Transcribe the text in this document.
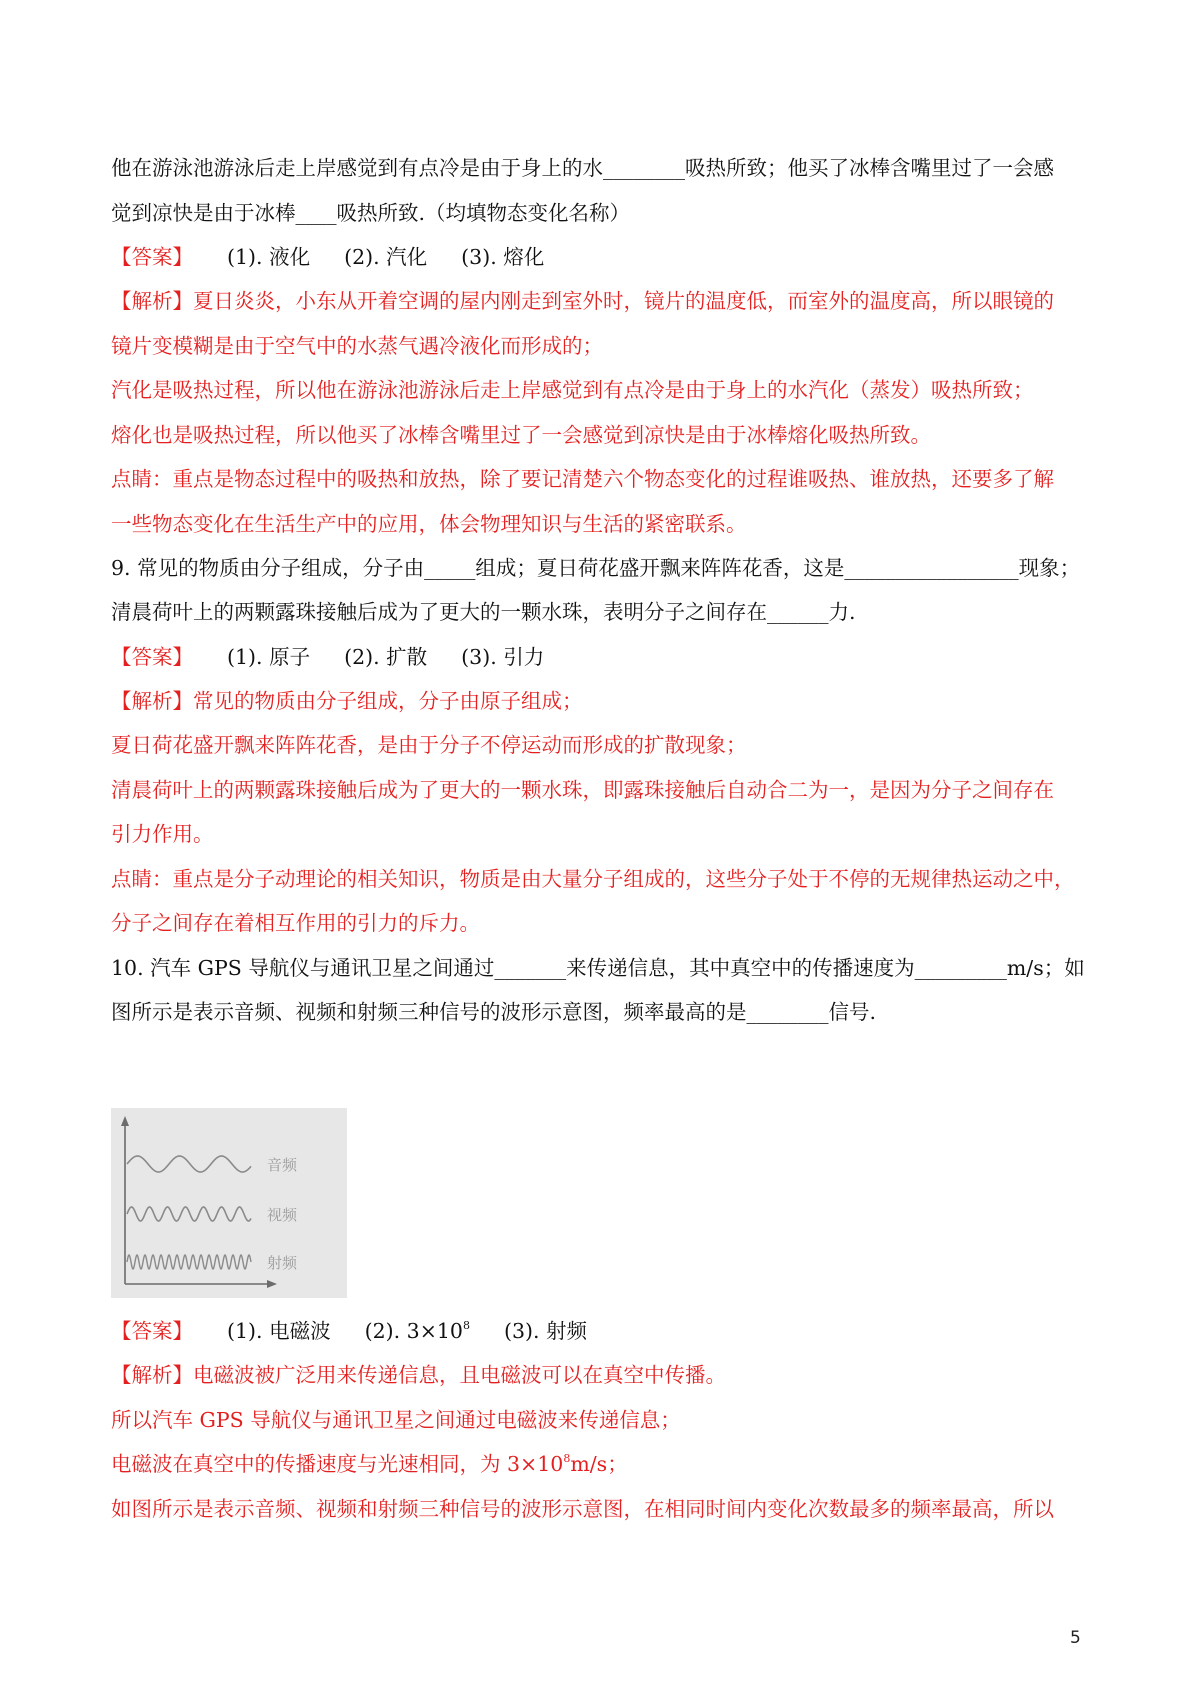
他在游泳池游泳后走上岸感觉到有点冷是由于身上的水________吸热所致；他买了冰棒含嘴里过了一会感
觉到凉快是由于冰棒____吸热所致.（均填物态变化名称）
【答案】 (1). 液化 (2). 汽化 (3). 熔化
【解析】夏日炎炎，小东从开着空调的屋内刚走到室外时，镜片的温度低，而室外的温度高，所以眼镜的
镜片变模糊是由于空气中的水蒸气遇冷液化而形成的；
汽化是吸热过程，所以他在游泳池游泳后走上岸感觉到有点冷是由于身上的水汽化（蒸发）吸热所致；
熔化也是吸热过程，所以他买了冰棒含嘴里过了一会感觉到凉快是由于冰棒熔化吸热所致。
点睛：重点是物态过程中的吸热和放热，除了要记清楚六个物态变化的过程谁吸热、谁放热，还要多了解
一些物态变化在生活生产中的应用，体会物理知识与生活的紧密联系。
9. 常见的物质由分子组成，分子由_____组成；夏日荷花盛开飘来阵阵花香，这是_________________现象；
清晨荷叶上的两颗露珠接触后成为了更大的一颗水珠，表明分子之间存在______力.
【答案】 (1). 原子 (2). 扩散 (3). 引力
【解析】常见的物质由分子组成，分子由原子组成；
夏日荷花盛开飘来阵阵花香，是由于分子不停运动而形成的扩散现象；
清晨荷叶上的两颗露珠接触后成为了更大的一颗水珠，即露珠接触后自动合二为一，是因为分子之间存在
引力作用。
点睛：重点是分子动理论的相关知识，物质是由大量分子组成的，这些分子处于不停的无规律热运动之中，
分子之间存在着相互作用的引力的斥力。
10. 汽车 GPS 导航仪与通讯卫星之间通过_______来传递信息，其中真空中的传播速度为_________m/s；如
图所示是表示音频、视频和射频三种信号的波形示意图，频率最高的是________信号.
音频
视频
射频
【答案】 (1). 电磁波 (2). $3\times 10^8$ (3). 射频
【解析】电磁波被广泛用来传递信息，且电磁波可以在真空中传播。
所以汽车 GPS 导航仪与通讯卫星之间通过电磁波来传递信息；
电磁波在真空中的传播速度与光速相同，为 $3\times 10^8m/s$；
如图所示是表示音频、视频和射频三种信号的波形示意图，在相同时间内变化次数最多的频率最高，所以
5
